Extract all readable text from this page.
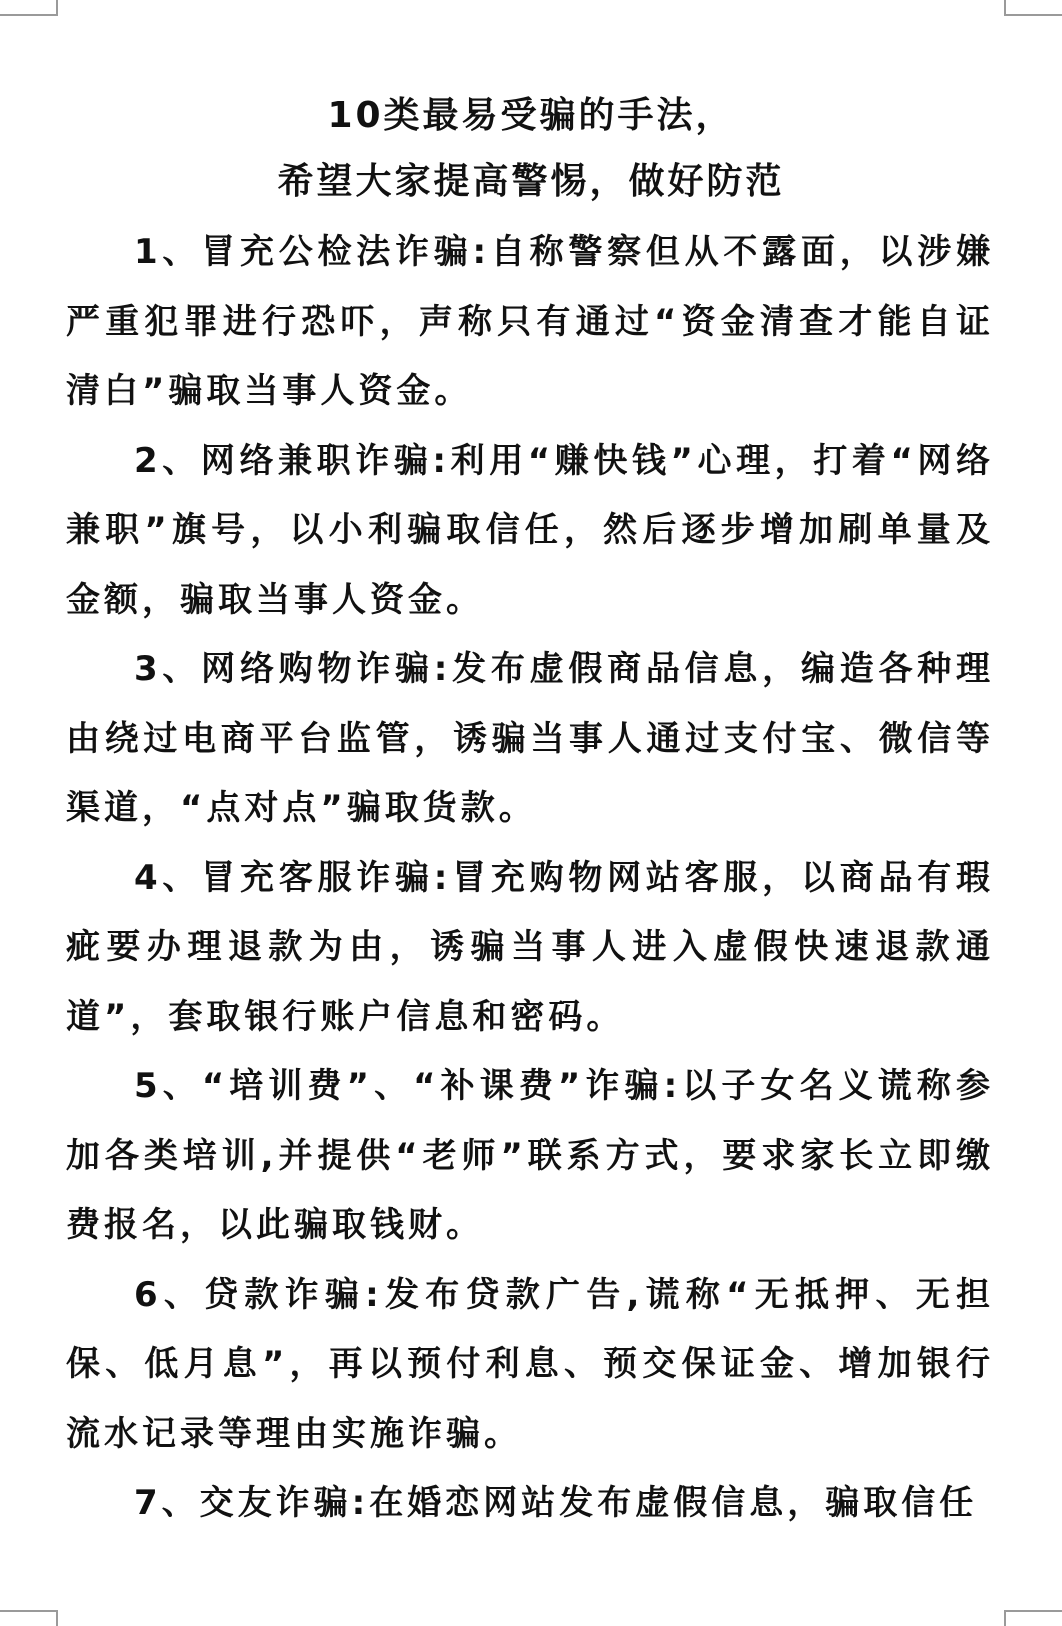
10类最易受骗的手法，
希望大家提高警惕，做好防范

1、冒充公检法诈骗:自称警察但从不露面，以涉嫌严重犯罪进行恐吓，声称只有通过“资金清查才能自证清白”骗取当事人资金。

2、网络兼职诈骗:利用“赚快钱”心理，打着“网络兼职”旗号，以小利骗取信任，然后逐步增加刷单量及金额，骗取当事人资金。

3、网络购物诈骗:发布虚假商品信息，编造各种理由绕过电商平台监管，诱骗当事人通过支付宝、微信等渠道，“点对点”骗取货款。

4、冒充客服诈骗:冒充购物网站客服，以商品有瑕疵要办理退款为由，诱骗当事人进入虚假快速退款通道”，套取银行账户信息和密码。

5、“培训费”、“补课费”诈骗:以子女名义谎称参加各类培训,并提供“老师”联系方式，要求家长立即缴费报名，以此骗取钱财。

6、贷款诈骗:发布贷款广告,谎称“无抵押、无担保、低月息”，再以预付利息、预交保证金、增加银行流水记录等理由实施诈骗。

7、交友诈骗:在婚恋网站发布虚假信息，骗取信任
